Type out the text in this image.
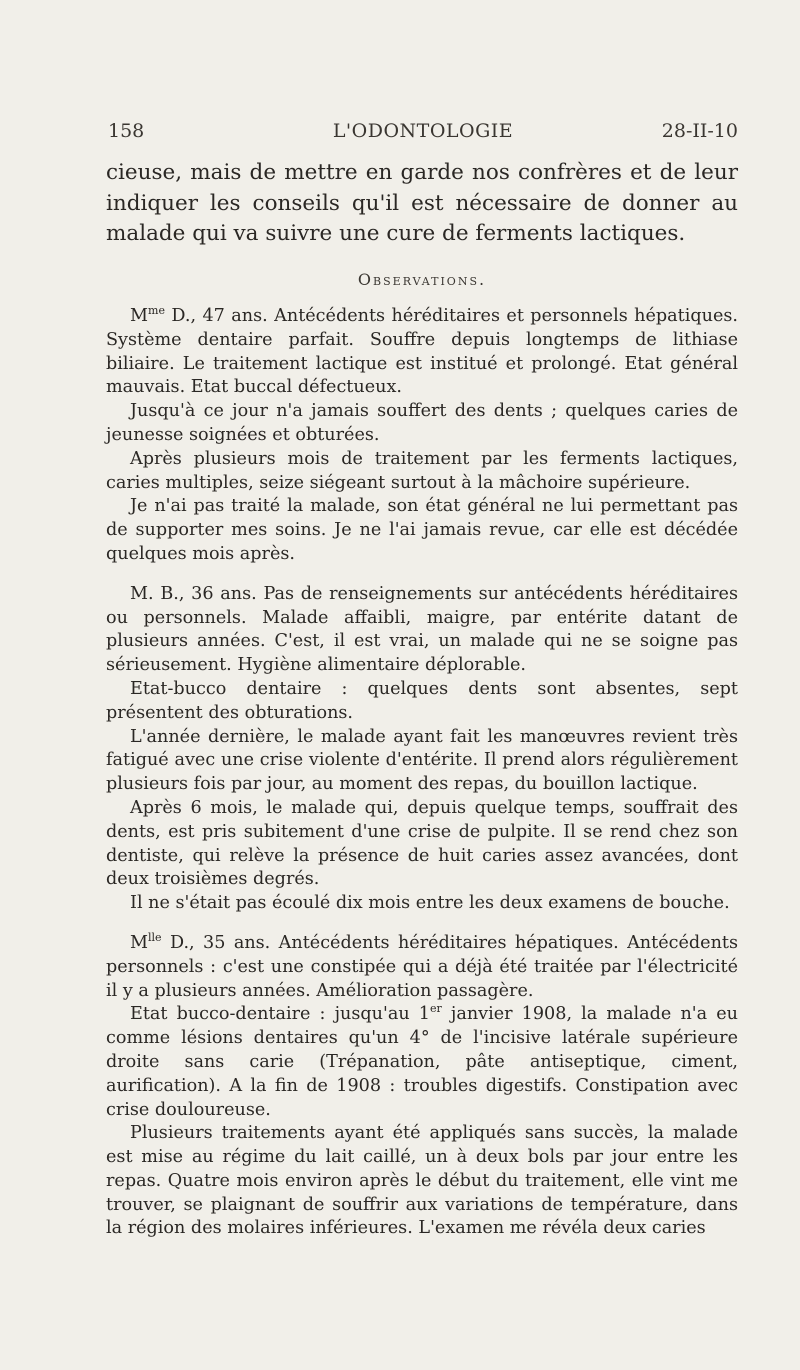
158	L'ODONTOLOGIE	28-II-10

cieuse, mais de mettre en garde nos confrères et de leur indiquer les conseils qu'il est nécessaire de donner au malade qui va suivre une cure de ferments lactiques.

Observations.

$M^{me}$ D., 47 ans. Antécédents héréditaires et personnels hépatiques. Système dentaire parfait. Souffre depuis longtemps de lithiase biliaire. Le traitement lactique est institué et prolongé. Etat général mauvais. Etat buccal défectueux.

Jusqu'à ce jour n'a jamais souffert des dents ; quelques caries de jeunesse soignées et obturées.

Après plusieurs mois de traitement par les ferments lactiques, caries multiples, seize siégeant surtout à la mâchoire supérieure.

Je n'ai pas traité la malade, son état général ne lui permettant pas de supporter mes soins. Je ne l'ai jamais revue, car elle est décédée quelques mois après.

M. B., 36 ans. Pas de renseignements sur antécédents héréditaires ou personnels. Malade affaibli, maigre, par entérite datant de plusieurs années. C'est, il est vrai, un malade qui ne se soigne pas sérieusement. Hygiène alimentaire déplorable.

Etat-bucco dentaire : quelques dents sont absentes, sept présentent des obturations.

L'année dernière, le malade ayant fait les manœuvres revient très fatigué avec une crise violente d'entérite. Il prend alors régulièrement plusieurs fois par jour, au moment des repas, du bouillon lactique.

Après 6 mois, le malade qui, depuis quelque temps, souffrait des dents, est pris subitement d'une crise de pulpite. Il se rend chez son dentiste, qui relève la présence de huit caries assez avancées, dont deux troisièmes degrés.

Il ne s'était pas écoulé dix mois entre les deux examens de bouche.

$M^{lle}$ D., 35 ans. Antécédents héréditaires hépatiques. Antécédents personnels : c'est une constipée qui a déjà été traitée par l'électricité il y a plusieurs années. Amélioration passagère.

Etat bucco-dentaire : jusqu'au 1er janvier 1908, la malade n'a eu comme lésions dentaires qu'un 4° de l'incisive latérale supérieure droite sans carie (Trépanation, pâte antiseptique, ciment, aurification). A la fin de 1908 : troubles digestifs. Constipation avec crise douloureuse.

Plusieurs traitements ayant été appliqués sans succès, la malade est mise au régime du lait caillé, un à deux bols par jour entre les repas. Quatre mois environ après le début du traitement, elle vint me trouver, se plaignant de souffrir aux variations de température, dans la région des molaires inférieures. L'examen me révéla deux caries
